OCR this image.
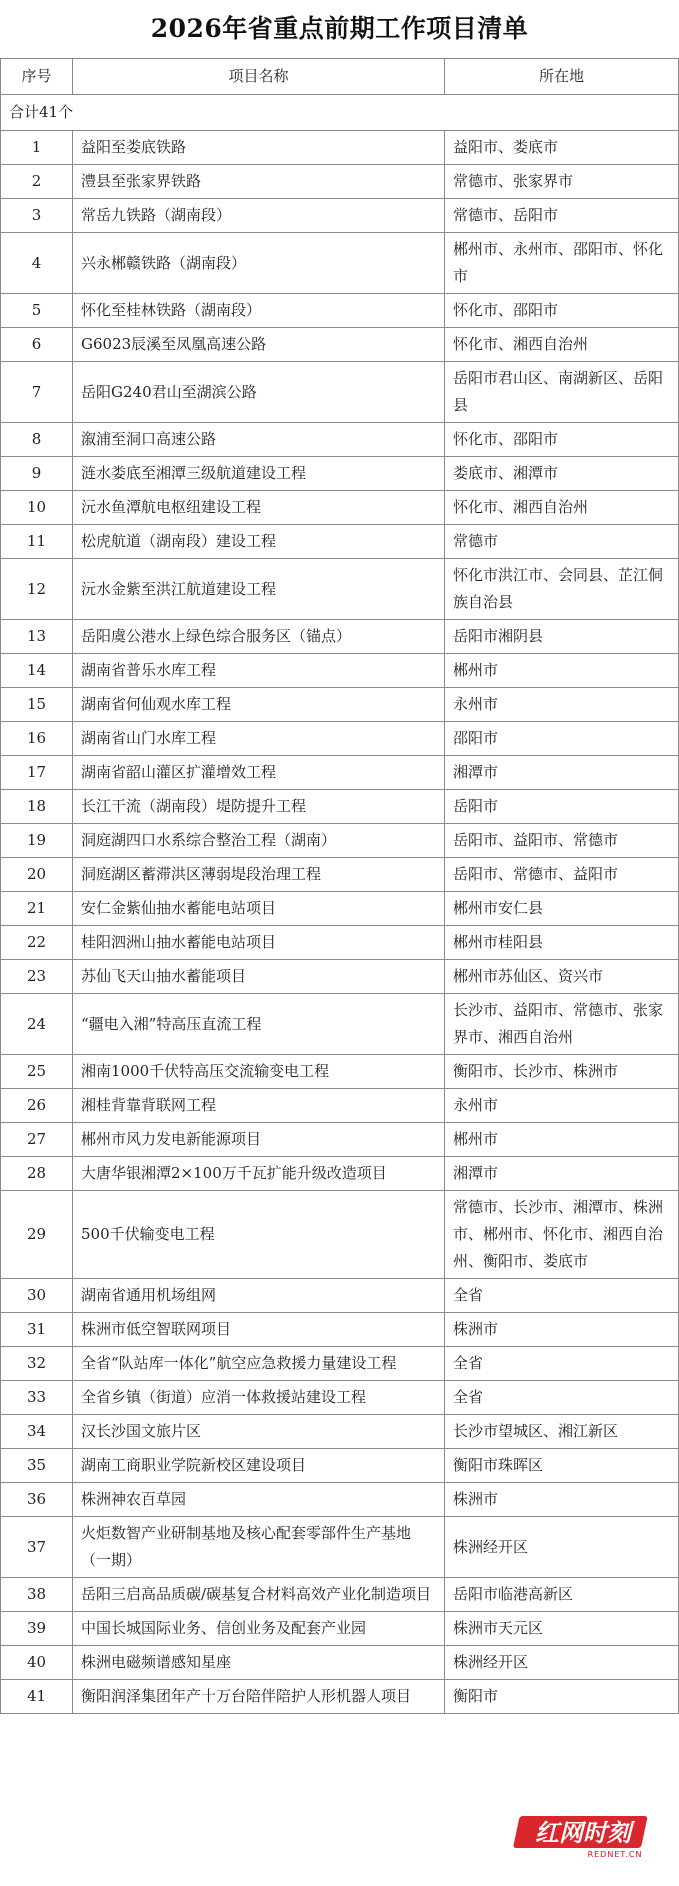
2026年省重点前期工作项目清单
序号	项目名称	所在地
合计41个		
1	益阳至娄底铁路	益阳市、娄底市
2	澧县至张家界铁路	常德市、张家界市
3	常岳九铁路（湖南段）	常德市、岳阳市
4	兴永郴赣铁路（湖南段）	郴州市、永州市、邵阳市、怀化市
5	怀化至桂林铁路（湖南段）	怀化市、邵阳市
6	G6023辰溪至凤凰高速公路	怀化市、湘西自治州
7	岳阳G240君山至湖滨公路	岳阳市君山区、南湖新区、岳阳县
8	溆浦至洞口高速公路	怀化市、邵阳市
9	涟水娄底至湘潭三级航道建设工程	娄底市、湘潭市
10	沅水鱼潭航电枢纽建设工程	怀化市、湘西自治州
11	松虎航道（湖南段）建设工程	常德市
12	沅水金紫至洪江航道建设工程	怀化市洪江市、会同县、芷江侗族自治县
13	岳阳虞公港水上绿色综合服务区（锚点）	岳阳市湘阴县
14	湖南省普乐水库工程	郴州市
15	湖南省何仙观水库工程	永州市
16	湖南省山门水库工程	邵阳市
17	湖南省韶山灌区扩灌增效工程	湘潭市
18	长江干流（湖南段）堤防提升工程	岳阳市
19	洞庭湖四口水系综合整治工程（湖南）	岳阳市、益阳市、常德市
20	洞庭湖区蓄滞洪区薄弱堤段治理工程	岳阳市、常德市、益阳市
21	安仁金紫仙抽水蓄能电站项目	郴州市安仁县
22	桂阳泗洲山抽水蓄能电站项目	郴州市桂阳县
23	苏仙飞天山抽水蓄能项目	郴州市苏仙区、资兴市
24	“疆电入湘”特高压直流工程	长沙市、益阳市、常德市、张家界市、湘西自治州
25	湘南1000千伏特高压交流输变电工程	衡阳市、长沙市、株洲市
26	湘桂背靠背联网工程	永州市
27	郴州市风力发电新能源项目	郴州市
28	大唐华银湘潭2×100万千瓦扩能升级改造项目	湘潭市
29	500千伏输变电工程	常德市、长沙市、湘潭市、株洲市、郴州市、怀化市、湘西自治州、衡阳市、娄底市
30	湖南省通用机场组网	全省
31	株洲市低空智联网项目	株洲市
32	全省“队站库一体化”航空应急救援力量建设工程	全省
33	全省乡镇（街道）应消一体救援站建设工程	全省
34	汉长沙国文旅片区	长沙市望城区、湘江新区
35	湖南工商职业学院新校区建设项目	衡阳市珠晖区
36	株洲神农百草园	株洲市
37	火炬数智产业研制基地及核心配套零部件生产基地（一期）	株洲经开区
38	岳阳三启高品质碳/碳基复合材料高效产业化制造项目	岳阳市临港高新区
39	中国长城国际业务、信创业务及配套产业园	株洲市天元区
40	株洲电磁频谱感知星座	株洲经开区
41	衡阳润泽集团年产十万台陪伴陪护人形机器人项目	衡阳市
红网时刻
REDNET.CN
